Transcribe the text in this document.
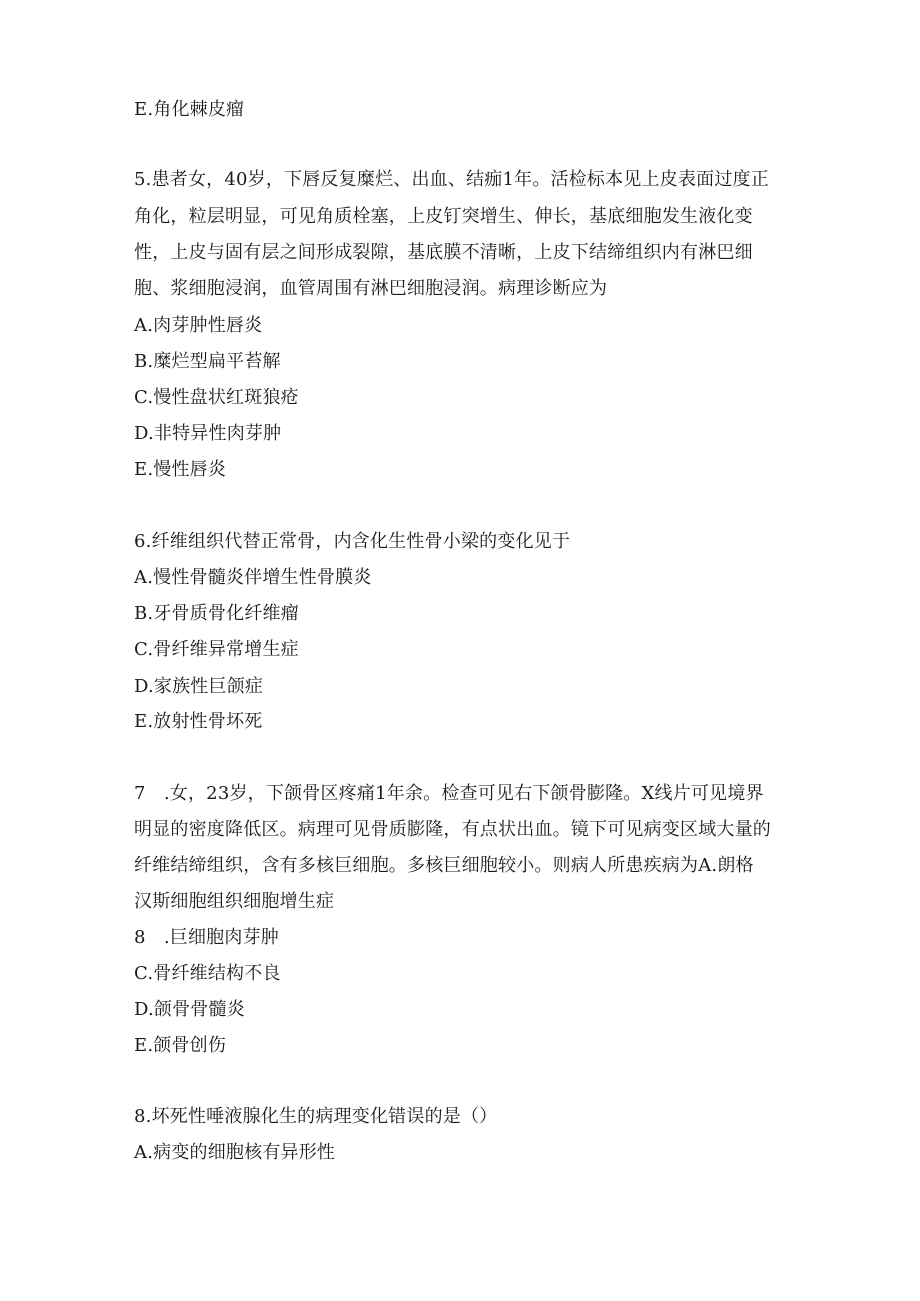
E.角化棘皮瘤
5.患者女，40岁，下唇反复糜烂、出血、结痂1年。活检标本见上皮表面过度正
角化，粒层明显，可见角质栓塞，上皮钉突增生、伸长，基底细胞发生液化变
性，上皮与固有层之间形成裂隙，基底膜不清晰，上皮下结缔组织内有淋巴细
胞、浆细胞浸润，血管周围有淋巴细胞浸润。病理诊断应为
A.肉芽肿性唇炎
B.糜烂型扁平苔解
C.慢性盘状红斑狼疮
D.非特异性肉芽肿
E.慢性唇炎
6.纤维组织代替正常骨，内含化生性骨小梁的变化见于
A.慢性骨髓炎伴增生性骨膜炎
B.牙骨质骨化纤维瘤
C.骨纤维异常增生症
D.家族性巨颌症
E.放射性骨坏死
7　.女，23岁，下颌骨区疼痛1年余。检查可见右下颌骨膨隆。X线片可见境界
明显的密度降低区。病理可见骨质膨隆，有点状出血。镜下可见病变区域大量的
纤维结缔组织，含有多核巨细胞。多核巨细胞较小。则病人所患疾病为A.朗格
汉斯细胞组织细胞增生症
8　.巨细胞肉芽肿
C.骨纤维结构不良
D.颌骨骨髓炎
E.颌骨创伤
8.坏死性唾液腺化生的病理变化错误的是（）
A.病变的细胞核有异形性
